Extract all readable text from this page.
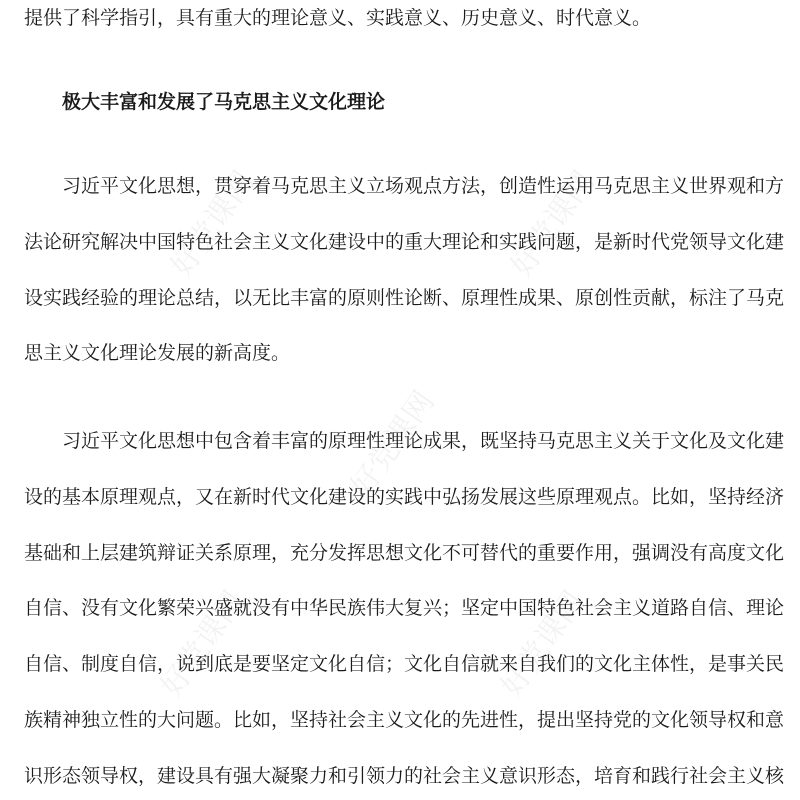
好党课网	好党课网
好党课网
好党课网	好党课网
提供了科学指引，具有重大的理论意义、实践意义、历史意义、时代意义。
极大丰富和发展了马克思主义文化理论
习近平文化思想，贯穿着马克思主义立场观点方法，创造性运用马克思主义世界观和方
法论研究解决中国特色社会主义文化建设中的重大理论和实践问题，是新时代党领导文化建
设实践经验的理论总结，以无比丰富的原则性论断、原理性成果、原创性贡献，标注了马克
思主义文化理论发展的新高度。
习近平文化思想中包含着丰富的原理性理论成果，既坚持马克思主义关于文化及文化建
设的基本原理观点，又在新时代文化建设的实践中弘扬发展这些原理观点。比如，坚持经济
基础和上层建筑辩证关系原理，充分发挥思想文化不可替代的重要作用，强调没有高度文化
自信、没有文化繁荣兴盛就没有中华民族伟大复兴；坚定中国特色社会主义道路自信、理论
自信、制度自信，说到底是要坚定文化自信；文化自信就来自我们的文化主体性，是事关民
族精神独立性的大问题。比如，坚持社会主义文化的先进性，提出坚持党的文化领导权和意
识形态领导权，建设具有强大凝聚力和引领力的社会主义意识形态，培育和践行社会主义核
